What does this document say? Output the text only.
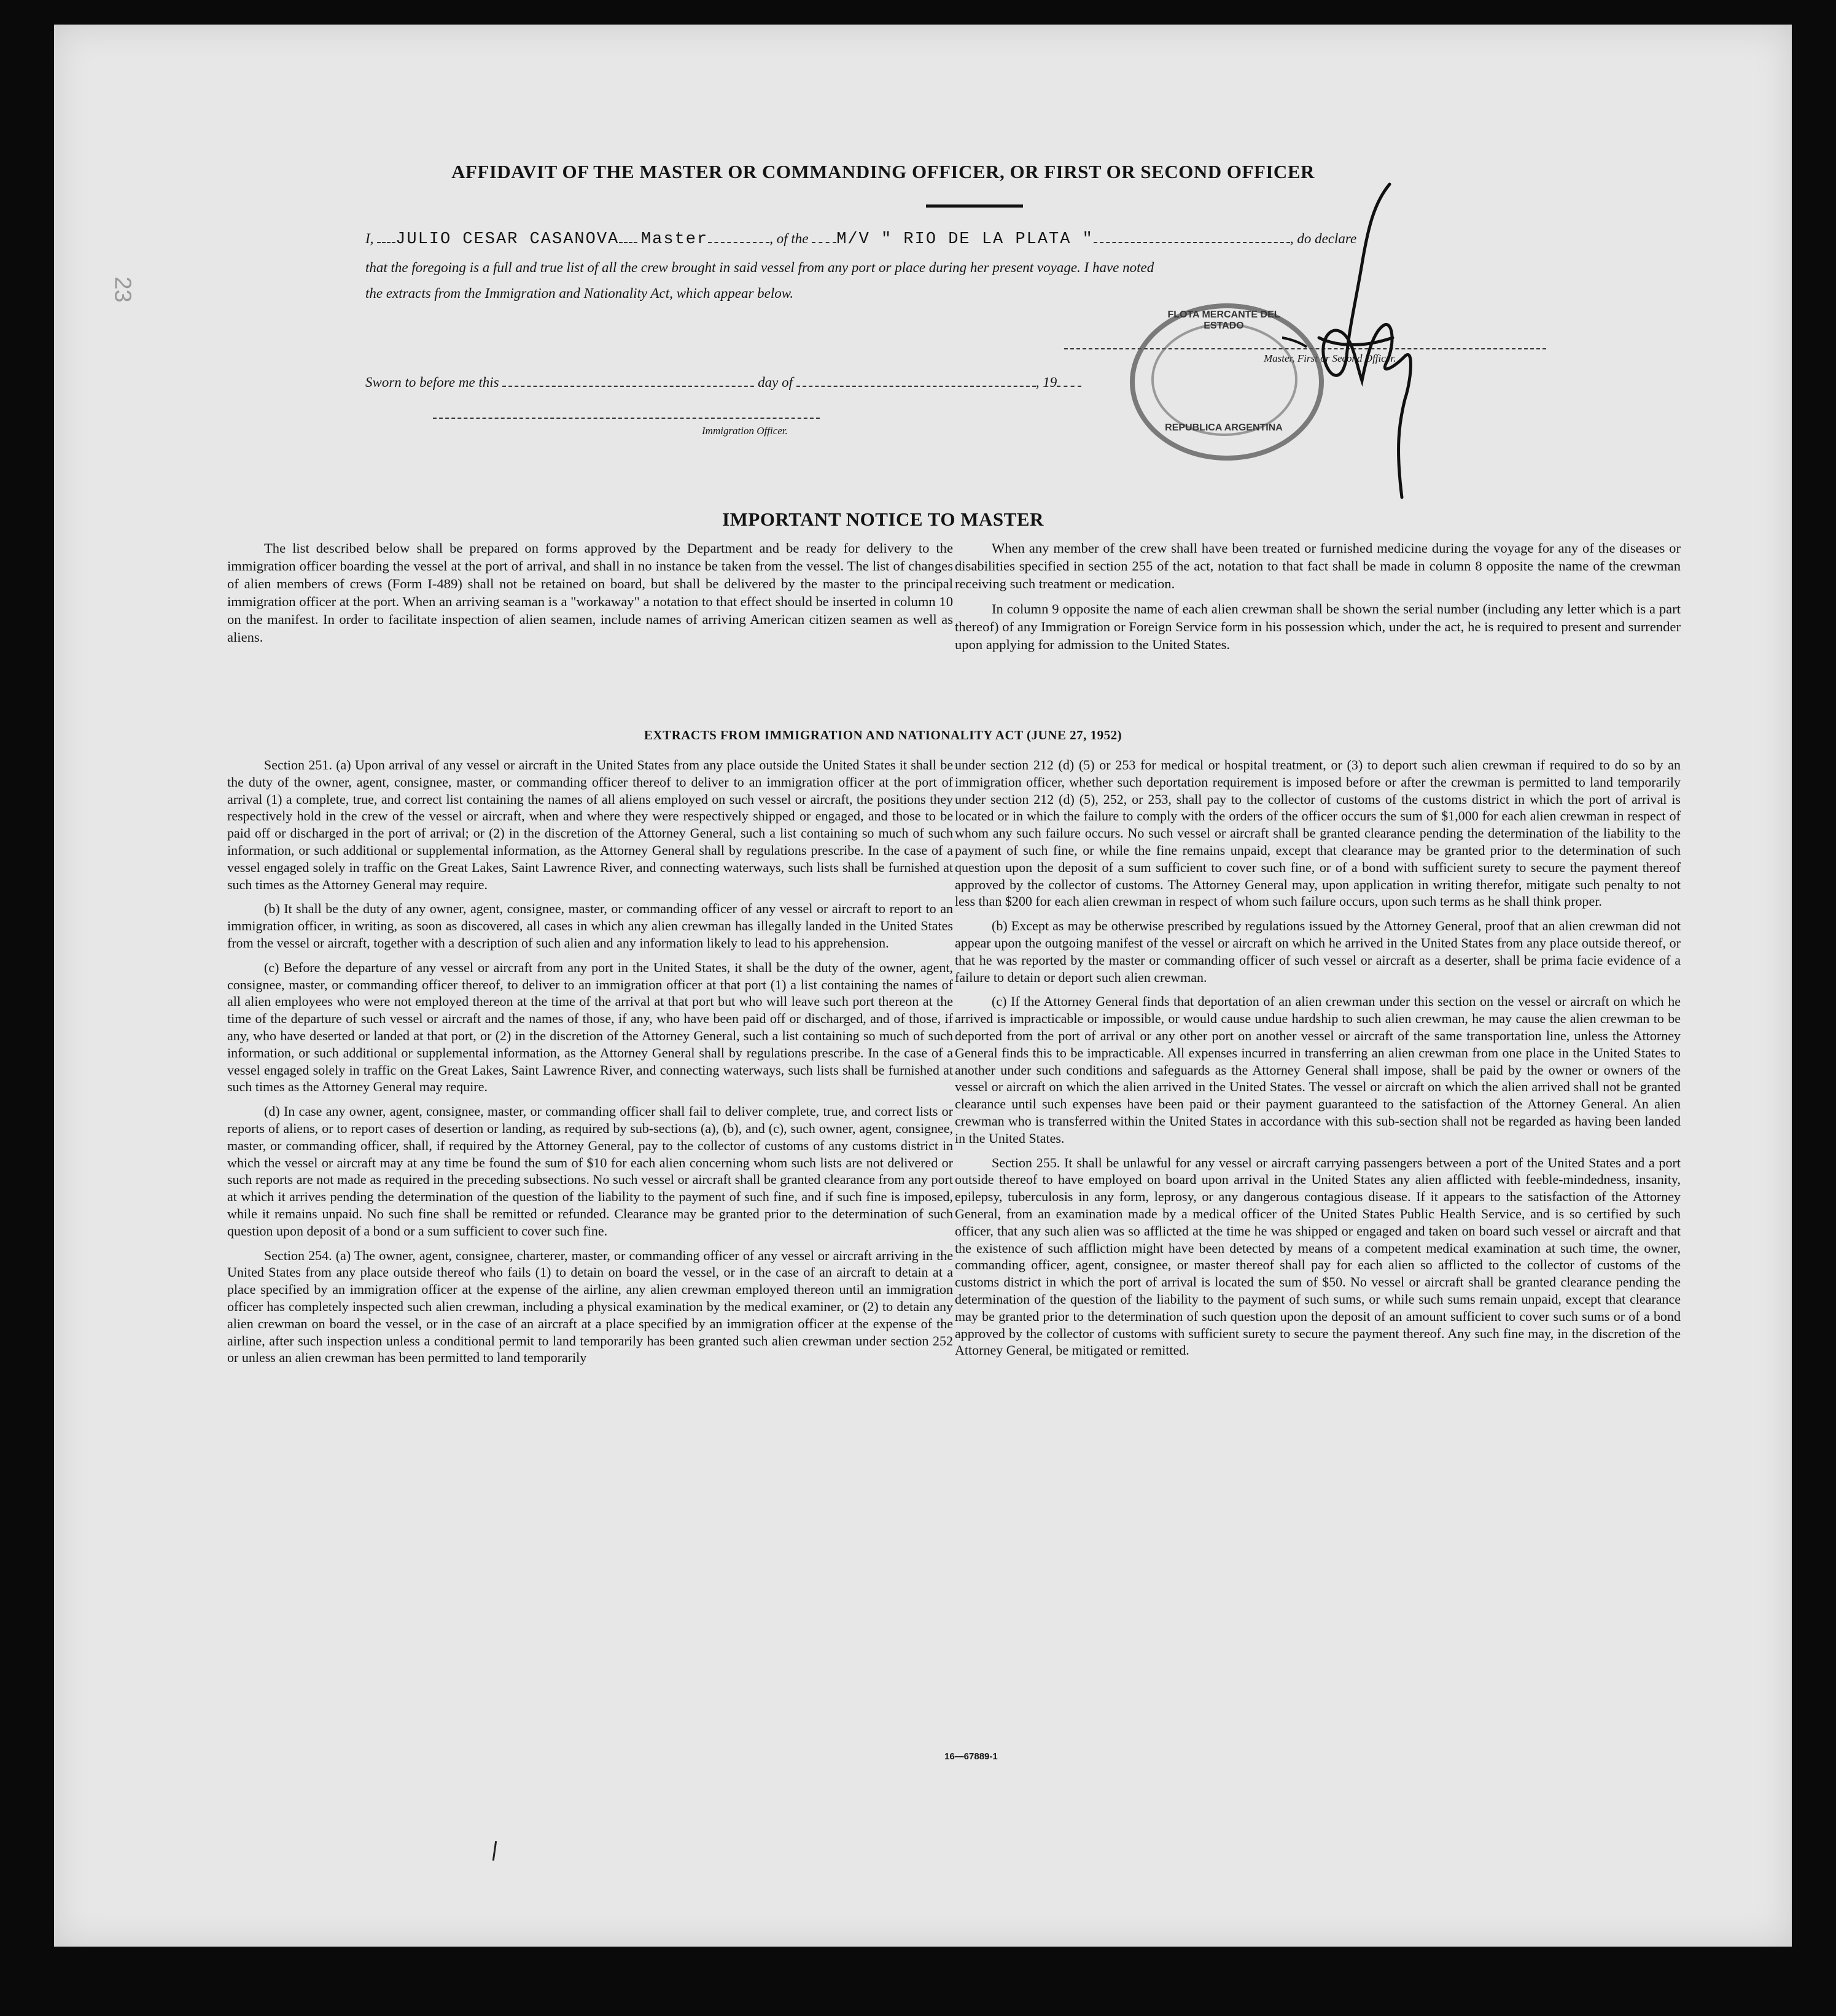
23
AFFIDAVIT OF THE MASTER OR COMMANDING OFFICER, OR FIRST OR SECOND OFFICER
I, JULIO CESAR CASANOVA Master	, of the M/V " RIO DE LA PLATA "	, do declare
that the foregoing is a full and true list of all the crew brought in said vessel from any port or place during her present voyage. I have noted
the extracts from the Immigration and Nationality Act, which appear below.
Master, First or Second Officer.
Sworn to before me this	day of	, 19
Immigration Officer.
FLOTA MERCANTE DEL ESTADO
REPUBLICA ARGENTINA
IMPORTANT NOTICE TO MASTER

The list described below shall be prepared on forms approved by the Department and be ready for delivery to the immigration officer boarding the vessel at the port of arrival, and shall in no instance be taken from the vessel. The list of changes of alien members of crews (Form I-489) shall not be retained on board, but shall be delivered by the master to the principal immigration officer at the port. When an arriving seaman is a "workaway" a notation to that effect should be inserted in column 10 on the manifest. In order to facilitate inspection of alien seamen, include names of arriving American citizen seamen as well as aliens.

When any member of the crew shall have been treated or furnished medicine during the voyage for any of the diseases or disabilities specified in section 255 of the act, notation to that fact shall be made in column 8 opposite the name of the crewman receiving such treatment or medication.

In column 9 opposite the name of each alien crewman shall be shown the serial number (including any letter which is a part thereof) of any Immigration or Foreign Service form in his possession which, under the act, he is required to present and surrender upon applying for admission to the United States.

EXTRACTS FROM IMMIGRATION AND NATIONALITY ACT (JUNE 27, 1952)

Section 251. (a) Upon arrival of any vessel or aircraft in the United States from any place outside the United States it shall be the duty of the owner, agent, consignee, master, or commanding officer thereof to deliver to an immigration officer at the port of arrival (1) a complete, true, and correct list containing the names of all aliens employed on such vessel or aircraft, the positions they respectively hold in the crew of the vessel or aircraft, when and where they were respectively shipped or engaged, and those to be paid off or discharged in the port of arrival; or (2) in the discretion of the Attorney General, such a list containing so much of such information, or such additional or supplemental information, as the Attorney General shall by regulations prescribe. In the case of a vessel engaged solely in traffic on the Great Lakes, Saint Lawrence River, and connecting waterways, such lists shall be furnished at such times as the Attorney General may require.

(b) It shall be the duty of any owner, agent, consignee, master, or commanding officer of any vessel or aircraft to report to an immigration officer, in writing, as soon as discovered, all cases in which any alien crewman has illegally landed in the United States from the vessel or aircraft, together with a description of such alien and any information likely to lead to his apprehension.

(c) Before the departure of any vessel or aircraft from any port in the United States, it shall be the duty of the owner, agent, consignee, master, or commanding officer thereof, to deliver to an immigration officer at that port (1) a list containing the names of all alien employees who were not employed thereon at the time of the arrival at that port but who will leave such port thereon at the time of the departure of such vessel or aircraft and the names of those, if any, who have been paid off or discharged, and of those, if any, who have deserted or landed at that port, or (2) in the discretion of the Attorney General, such a list containing so much of such information, or such additional or supplemental information, as the Attorney General shall by regulations prescribe. In the case of a vessel engaged solely in traffic on the Great Lakes, Saint Lawrence River, and connecting waterways, such lists shall be furnished at such times as the Attorney General may require.

(d) In case any owner, agent, consignee, master, or commanding officer shall fail to deliver complete, true, and correct lists or reports of aliens, or to report cases of desertion or landing, as required by sub-sections (a), (b), and (c), such owner, agent, consignee, master, or commanding officer, shall, if required by the Attorney General, pay to the collector of customs of any customs district in which the vessel or aircraft may at any time be found the sum of $10 for each alien concerning whom such lists are not delivered or such reports are not made as required in the preceding subsections. No such vessel or aircraft shall be granted clearance from any port at which it arrives pending the determination of the question of the liability to the payment of such fine, and if such fine is imposed, while it remains unpaid. No such fine shall be remitted or refunded. Clearance may be granted prior to the determination of such question upon deposit of a bond or a sum sufficient to cover such fine.

Section 254. (a) The owner, agent, consignee, charterer, master, or commanding officer of any vessel or aircraft arriving in the United States from any place outside thereof who fails (1) to detain on board the vessel, or in the case of an aircraft to detain at a place specified by an immigration officer at the expense of the airline, any alien crewman employed thereon until an immigration officer has completely inspected such alien crewman, including a physical examination by the medical examiner, or (2) to detain any alien crewman on board the vessel, or in the case of an aircraft at a place specified by an immigration officer at the expense of the airline, after such inspection unless a conditional permit to land temporarily has been granted such alien crewman under section 252 or unless an alien crewman has been permitted to land temporarily

under section 212 (d) (5) or 253 for medical or hospital treatment, or (3) to deport such alien crewman if required to do so by an immigration officer, whether such deportation requirement is imposed before or after the crewman is permitted to land temporarily under section 212 (d) (5), 252, or 253, shall pay to the collector of customs of the customs district in which the port of arrival is located or in which the failure to comply with the orders of the officer occurs the sum of $1,000 for each alien crewman in respect of whom any such failure occurs. No such vessel or aircraft shall be granted clearance pending the determination of the liability to the payment of such fine, or while the fine remains unpaid, except that clearance may be granted prior to the determination of such question upon the deposit of a sum sufficient to cover such fine, or of a bond with sufficient surety to secure the payment thereof approved by the collector of customs. The Attorney General may, upon application in writing therefor, mitigate such penalty to not less than $200 for each alien crewman in respect of whom such failure occurs, upon such terms as he shall think proper.

(b) Except as may be otherwise prescribed by regulations issued by the Attorney General, proof that an alien crewman did not appear upon the outgoing manifest of the vessel or aircraft on which he arrived in the United States from any place outside thereof, or that he was reported by the master or commanding officer of such vessel or aircraft as a deserter, shall be prima facie evidence of a failure to detain or deport such alien crewman.

(c) If the Attorney General finds that deportation of an alien crewman under this section on the vessel or aircraft on which he arrived is impracticable or impossible, or would cause undue hardship to such alien crewman, he may cause the alien crewman to be deported from the port of arrival or any other port on another vessel or aircraft of the same transportation line, unless the Attorney General finds this to be impracticable. All expenses incurred in transferring an alien crewman from one place in the United States to another under such conditions and safeguards as the Attorney General shall impose, shall be paid by the owner or owners of the vessel or aircraft on which the alien arrived in the United States. The vessel or aircraft on which the alien arrived shall not be granted clearance until such expenses have been paid or their payment guaranteed to the satisfaction of the Attorney General. An alien crewman who is transferred within the United States in accordance with this sub-section shall not be regarded as having been landed in the United States.

Section 255. It shall be unlawful for any vessel or aircraft carrying passengers between a port of the United States and a port outside thereof to have employed on board upon arrival in the United States any alien afflicted with feeble-mindedness, insanity, epilepsy, tuberculosis in any form, leprosy, or any dangerous contagious disease. If it appears to the satisfaction of the Attorney General, from an examination made by a medical officer of the United States Public Health Service, and is so certified by such officer, that any such alien was so afflicted at the time he was shipped or engaged and taken on board such vessel or aircraft and that the existence of such affliction might have been detected by means of a competent medical examination at such time, the owner, commanding officer, agent, consignee, or master thereof shall pay for each alien so afflicted to the collector of customs of the customs district in which the port of arrival is located the sum of $50. No vessel or aircraft shall be granted clearance pending the determination of the question of the liability to the payment of such sums, or while such sums remain unpaid, except that clearance may be granted prior to the determination of such question upon the deposit of an amount sufficient to cover such sums or of a bond approved by the collector of customs with sufficient surety to secure the payment thereof. Any such fine may, in the discretion of the Attorney General, be mitigated or remitted.

16—67889-1
